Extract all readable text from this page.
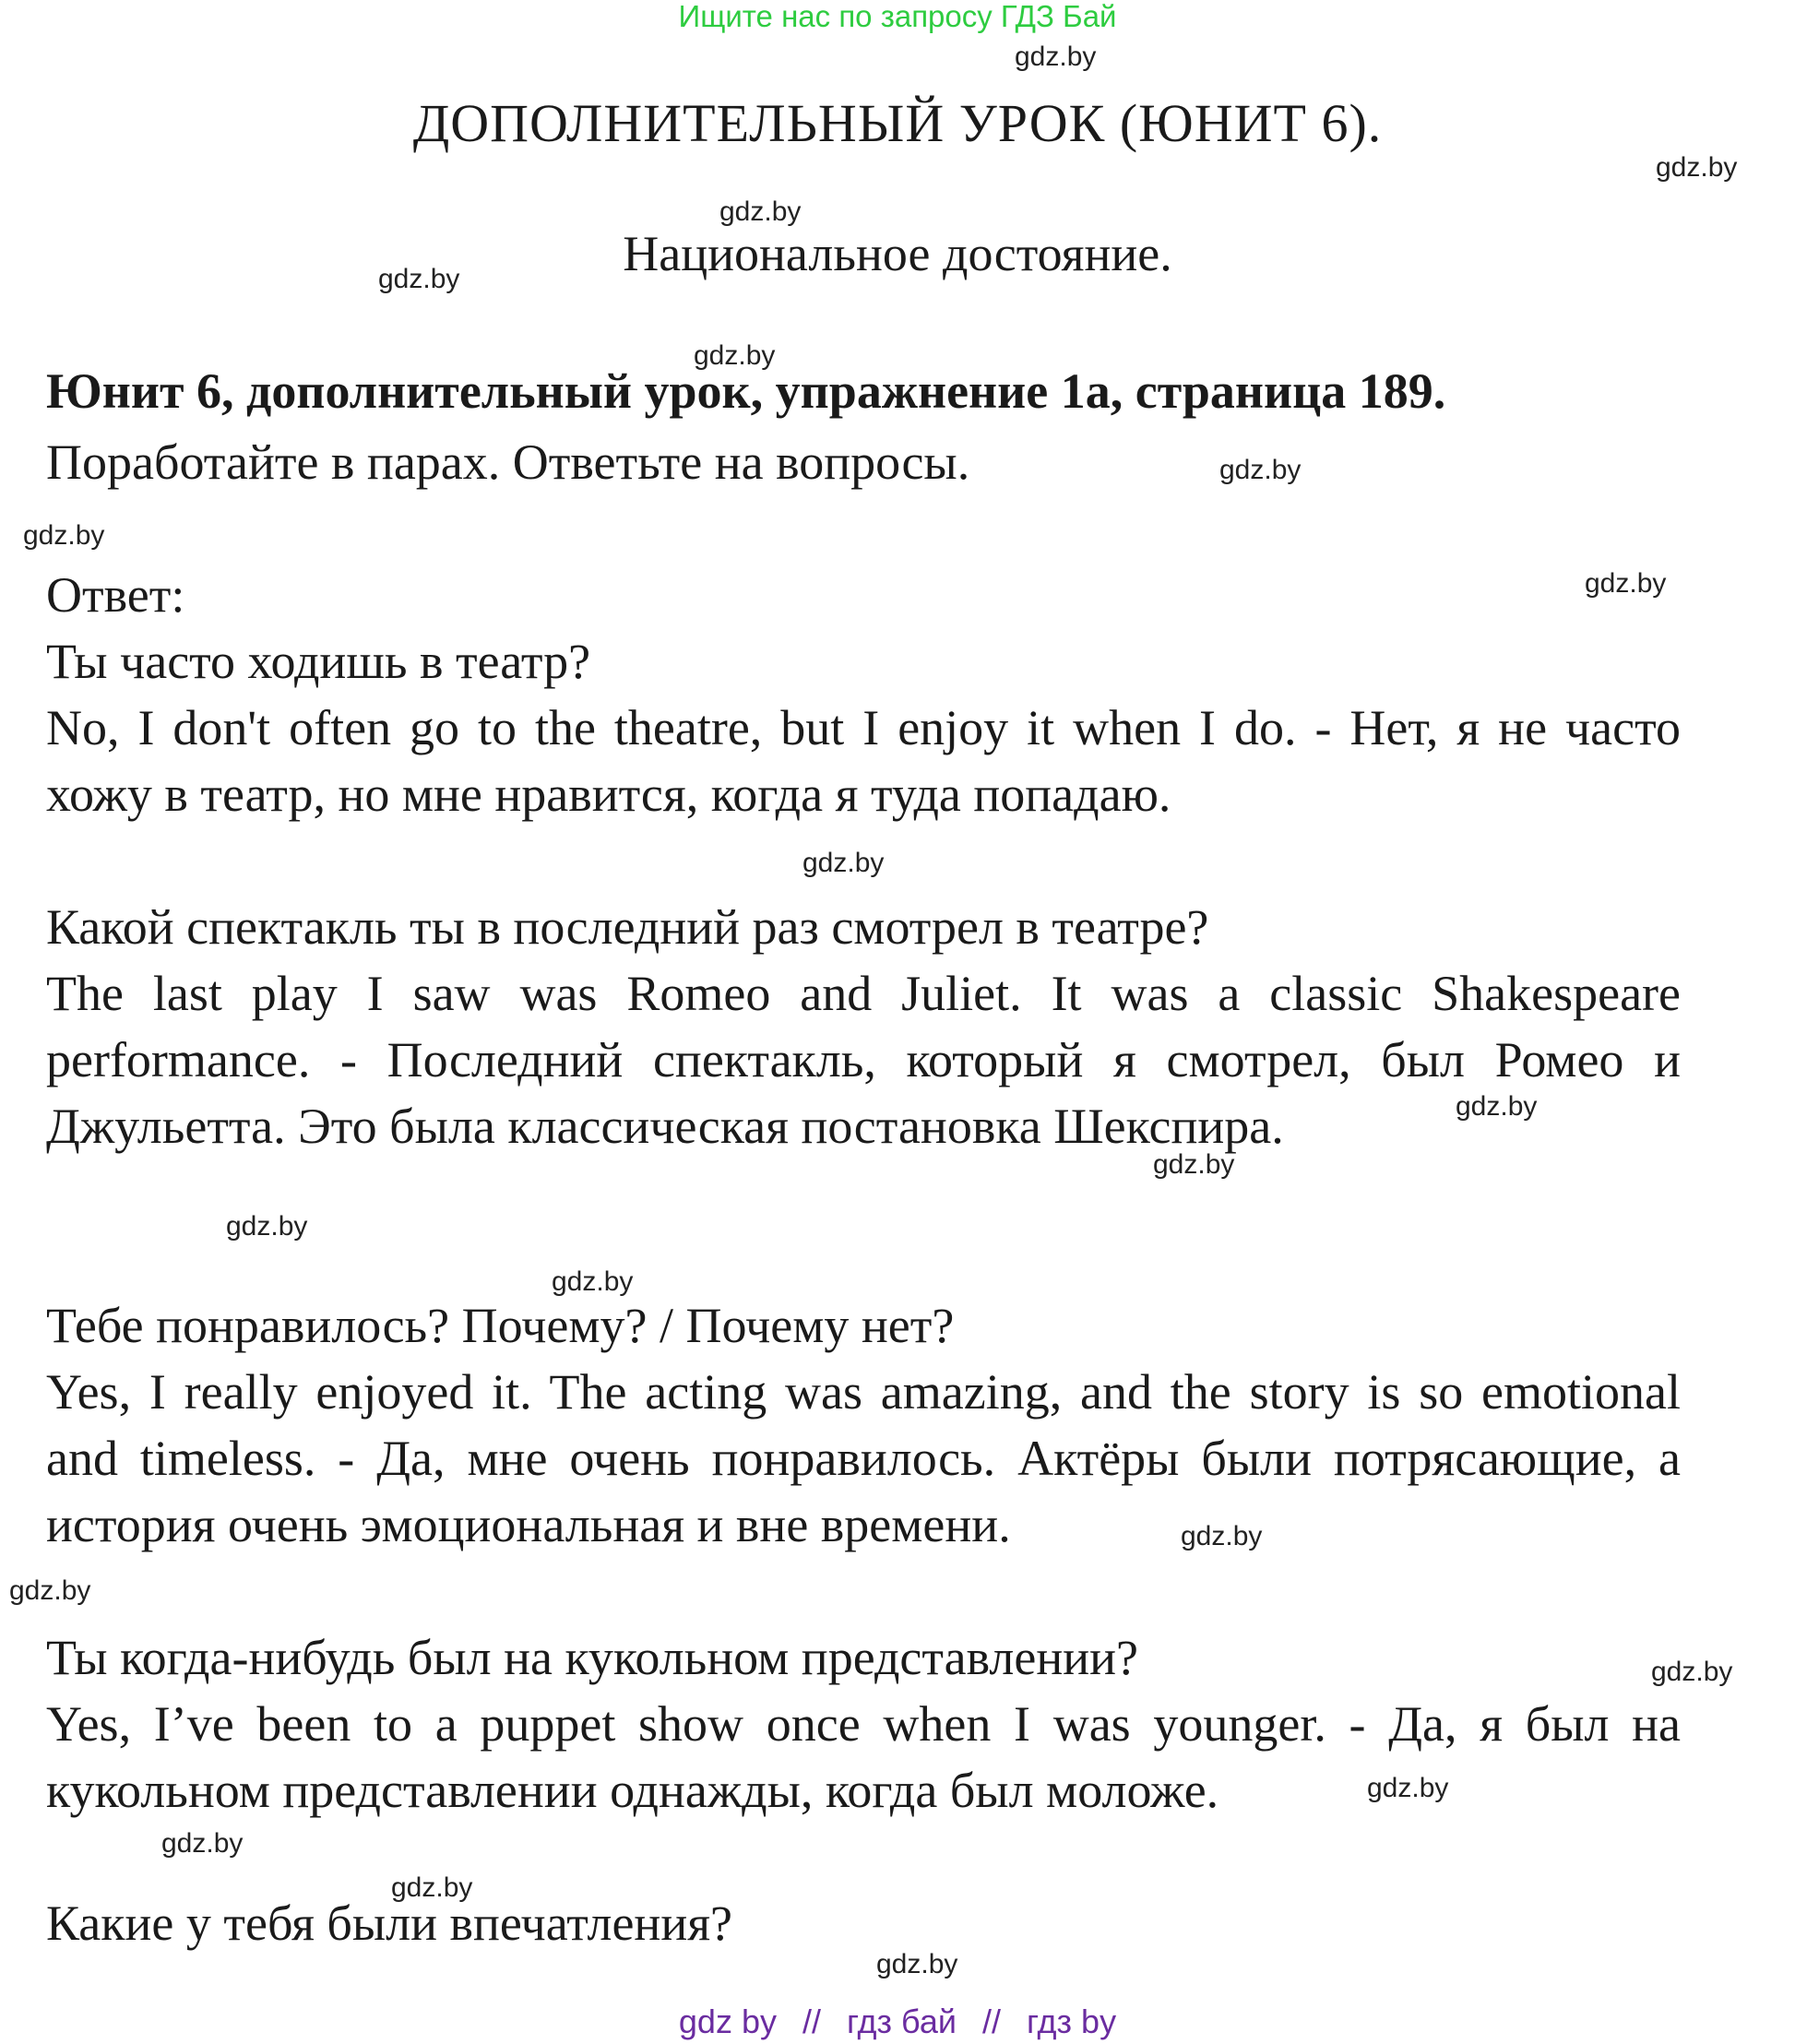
Ищите нас по запросу ГДЗ Бай
ДОПОЛНИТЕЛЬНЫЙ УРОК (ЮНИТ 6).
Национальное достояние.
Юнит 6, дополнительный урок, упражнение 1а, страница 189.

Поработайте в парах. Ответьте на вопросы.

Ответ:

Ты часто ходишь в театр?

No, I don't often go to the theatre, but I enjoy it when I do. - Нет, я не часто хожу в театр, но мне нравится, когда я туда попадаю.

Какой спектакль ты в последний раз смотрел в театре?

The last play I saw was Romeo and Juliet. It was a classic Shakespeare performance. - Последний спектакль, который я смотрел, был Ромео и Джульетта. Это была классическая постановка Шекспира.

Тебе понравилось? Почему? / Почему нет?

Yes, I really enjoyed it. The acting was amazing, and the story is so emotional and timeless. - Да, мне очень понравилось. Актёры были потрясающие, а история очень эмоциональная и вне времени.

Ты когда-нибудь был на кукольном представлении?

Yes, I’ve been to a puppet show once when I was younger. - Да, я был на кукольном представлении однажды, когда был моложе.

Какие у тебя были впечатления?

gdz.by
gdz.by
gdz.by
gdz.by
gdz.by
gdz.by
gdz.by
gdz.by
gdz.by
gdz.by
gdz.by
gdz.by
gdz.by
gdz.by
gdz.by
gdz.by
gdz.by
gdz.by
gdz.by
gdz.by
gdz by // гдз бай // гдз by
